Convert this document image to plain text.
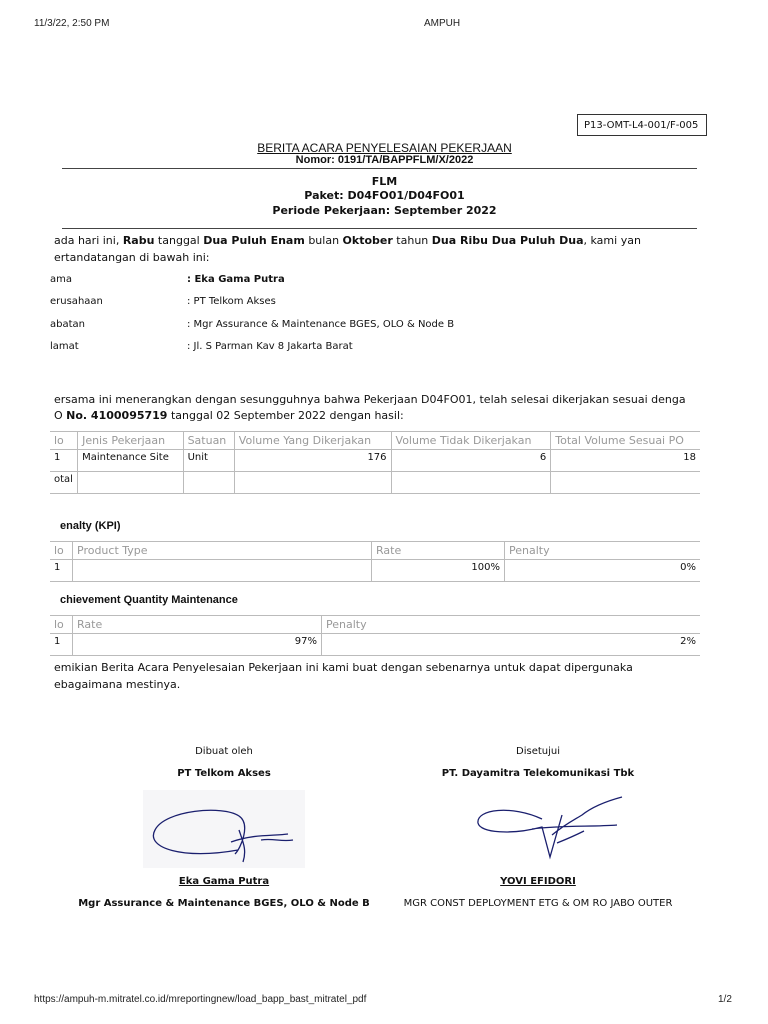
11/3/22, 2:50 PM	AMPUH
P13-OMT-L4-001/F-005
BERITA ACARA PENYELESAIAN PEKERJAAN
Nomor: 0191/TA/BAPPFLM/X/2022
FLM
Paket: D04FO01/D04FO01
Periode Pekerjaan: September 2022
ada hari ini, Rabu tanggal Dua Puluh Enam bulan Oktober tahun Dua Ribu Dua Puluh Dua, kami yan
ertandatangan di bawah ini:
ama	: Eka Gama Putra
erusahaan	: PT Telkom Akses
abatan	: Mgr Assurance & Maintenance BGES, OLO & Node B
lamat	: Jl. S Parman Kav 8 Jakarta Barat
ersama ini menerangkan dengan sesungguhnya bahwa Pekerjaan D04FO01, telah selesai dikerjakan sesuai denga
O No. 4100095719 tanggal 02 September 2022 dengan hasil:
lo	Jenis Pekerjaan	Satuan	Volume Yang Dikerjakan	Volume Tidak Dikerjakan	Total Volume Sesuai PO
1	Maintenance Site	Unit	176	6	18
otal					
enalty (KPI)
lo	Product Type	Rate	Penalty
1		100%	0%
chievement Quantity Maintenance
lo	Rate	Penalty
1	97%	2%
emikian Berita Acara Penyelesaian Pekerjaan ini kami buat dengan sebenarnya untuk dapat dipergunaka
ebagaimana mestinya.
Dibuat oleh
PT Telkom Akses
Eka Gama Putra
Mgr Assurance & Maintenance BGES, OLO & Node B
Disetujui
PT. Dayamitra Telekomunikasi Tbk
YOVI EFIDORI
MGR CONST DEPLOYMENT ETG & OM RO JABO OUTER
https://ampuh-m.mitratel.co.id/mreportingnew/load_bapp_bast_mitratel_pdf	1/2
